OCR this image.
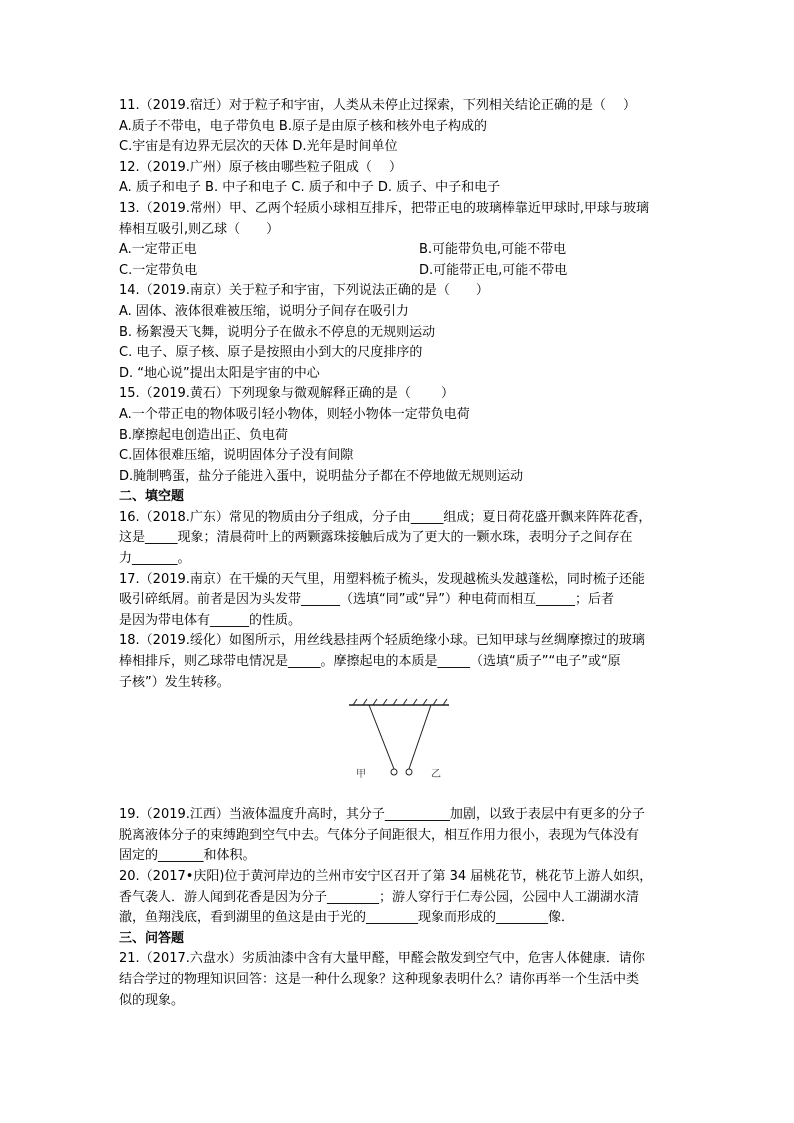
11.（2019.宿迁）对于粒子和宇宙，人类从未停止过探索，下列相关结论正确的是（　 ）
A.质子不带电，电子带负电 B.原子是由原子核和核外电子构成的
C.宇宙是有边界无层次的天体 D.光年是时间单位
12.（2019.广州）原子核由哪些粒子阻成（　 ）
A. 质子和电子 B. 中子和电子 C. 质子和中子 D. 质子、中子和电子
13.（2019.常州）甲、乙两个轻质小球相互排斥，把带正电的玻璃棒靠近甲球时,甲球与玻璃
棒相互吸引,则乙球（　　）
A.一定带正电	B.可能带负电,可能不带电
C.一定带负电	D.可能带正电,可能不带电
14.（2019.南京）关于粒子和宇宙，下列说法正确的是（　　）
A. 固体、液体很难被压缩，说明分子间存在吸引力
B. 杨絮漫天飞舞，说明分子在做永不停息的无规则运动
C. 电子、原子核、原子是按照由小到大的尺度排序的
D. “地心说”提出太阳是宇宙的中心
15.（2019.黄石）下列现象与微观解释正确的是（　　 ）
A.一个带正电的物体吸引轻小物体，则轻小物体一定带负电荷
B.摩擦起电创造出正、负电荷
C.固体很难压缩，说明固体分子没有间隙
D.腌制鸭蛋，盐分子能进入蛋中，说明盐分子都在不停地做无规则运动
二、填空题
16.（2018.广东）常见的物质由分子组成，分子由_____组成；夏日荷花盛开飘来阵阵花香，
这是_____现象；清晨荷叶上的两颗露珠接触后成为了更大的一颗水珠，表明分子之间存在
力_______。
17.（2019.南京）在干燥的天气里，用塑料梳子梳头，发现越梳头发越蓬松，同时梳子还能
吸引碎纸屑。前者是因为头发带______（选填“同”或“异”）种电荷而相互______；后者
是因为带电体有______的性质。
18.（2019.绥化）如图所示，用丝线悬挂两个轻质绝缘小球。已知甲球与丝绸摩擦过的玻璃
棒相排斥，则乙球带电情况是_____。摩擦起电的本质是_____（选填“质子”“电子”或“原
子核”）发生转移。
甲	乙
19.（2019.江西）当液体温度升高时，其分子__________加剧，以致于表层中有更多的分子
脱离液体分子的束缚跑到空气中去。气体分子间距很大，相互作用力很小，表现为气体没有
固定的_______和体积。
20.（2017•庆阳)位于黄河岸边的兰州市安宁区召开了第 34 届桃花节，桃花节上游人如织，
香气袭人．游人闻到花香是因为分子________；游人穿行于仁寿公园，公园中人工湖湖水清
澈，鱼翔浅底，看到湖里的鱼这是由于光的________现象而形成的________像．
三、问答题
21.（2017.六盘水）劣质油漆中含有大量甲醛，甲醛会散发到空气中，危害人体健康．请你
结合学过的物理知识回答：这是一种什么现象？这种现象表明什么？请你再举一个生活中类
似的现象。
